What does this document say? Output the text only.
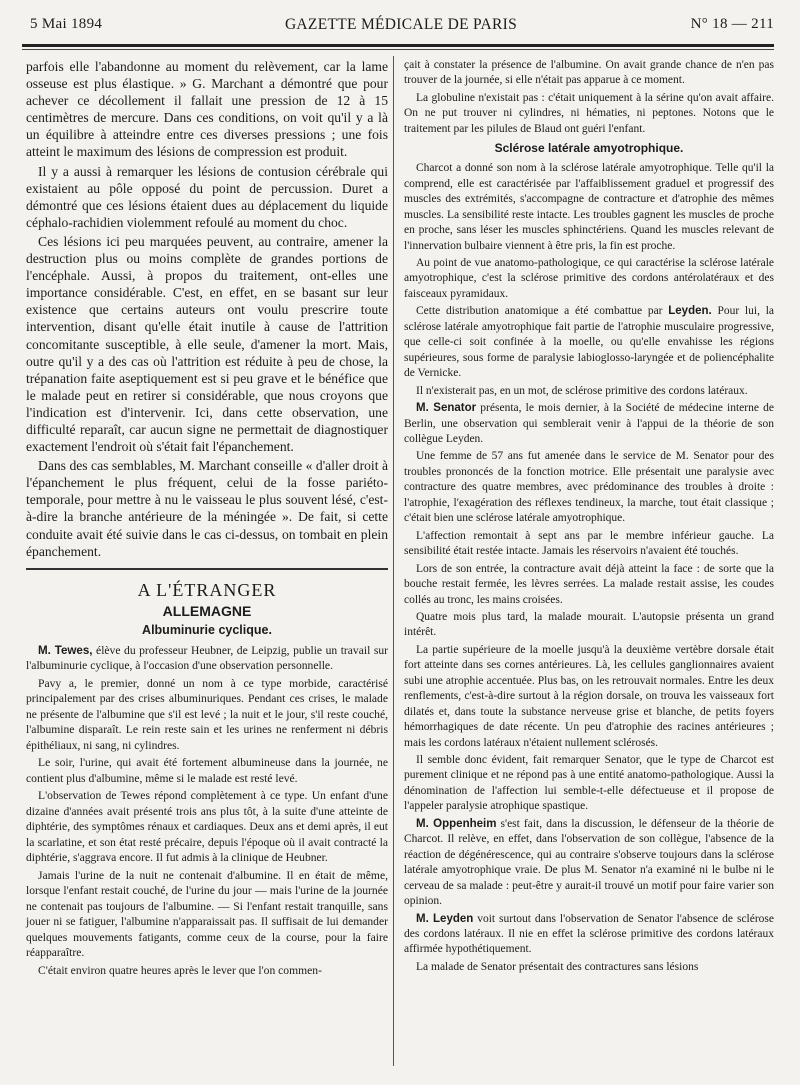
5 Mai 1894	GAZETTE MÉDICALE DE PARIS	N° 18 — 211

parfois elle l'abandonne au moment du relèvement, car la lame osseuse est plus élastique. » G. Marchant a démontré que pour achever ce décollement il fallait une pression de 12 à 15 centimètres de mercure. Dans ces conditions, on voit qu'il y a là un équilibre à atteindre entre ces diverses pressions ; une fois atteint le maximum des lésions de compression est produit.

Il y a aussi à remarquer les lésions de contusion cérébrale qui existaient au pôle opposé du point de percussion. Duret a démontré que ces lésions étaient dues au déplacement du liquide céphalo-rachidien violemment refoulé au moment du choc.

Ces lésions ici peu marquées peuvent, au contraire, amener la destruction plus ou moins complète de grandes portions de l'encéphale. Aussi, à propos du traitement, ont-elles une importance considérable. C'est, en effet, en se basant sur leur existence que certains auteurs ont voulu prescrire toute intervention, disant qu'elle était inutile à cause de l'attrition concomitante susceptible, à elle seule, d'amener la mort. Mais, outre qu'il y a des cas où l'attrition est réduite à peu de chose, la trépanation faite aseptiquement est si peu grave et le bénéfice que le malade peut en retirer si considérable, que nous croyons que l'indication est d'intervenir. Ici, dans cette observation, une difficulté reparaît, car aucun signe ne permettait de diagnostiquer exactement l'endroit où s'était fait l'épanchement.

Dans des cas semblables, M. Marchant conseille « d'aller droit à l'épanchement le plus fréquent, celui de la fosse pariéto-temporale, pour mettre à nu le vaisseau le plus souvent lésé, c'est-à-dire la branche antérieure de la méningée ». De fait, si cette conduite avait été suivie dans le cas ci-dessus, on tombait en plein épanchement.

A L'ÉTRANGER
ALLEMAGNE
Albuminurie cyclique.

M. Tewes, élève du professeur Heubner, de Leipzig, publie un travail sur l'albuminurie cyclique, à l'occasion d'une observation personnelle.

Pavy a, le premier, donné un nom à ce type morbide, caractérisé principalement par des crises albuminuriques. Pendant ces crises, le malade ne présente de l'albumine que s'il est levé ; la nuit et le jour, s'il reste couché, l'albumine disparaît. Le rein reste sain et les urines ne renferment ni débris épithéliaux, ni sang, ni cylindres.

Le soir, l'urine, qui avait été fortement albumineuse dans la journée, ne contient plus d'albumine, même si le malade est resté levé.

L'observation de Tewes répond complètement à ce type. Un enfant d'une dizaine d'années avait présenté trois ans plus tôt, à la suite d'une atteinte de diphtérie, des symptômes rénaux et cardiaques. Deux ans et demi après, il eut la scarlatine, et son état resté précaire, depuis l'époque où il avait contracté la diphtérie, s'aggrava encore. Il fut admis à la clinique de Heubner.

Jamais l'urine de la nuit ne contenait d'albumine. Il en était de même, lorsque l'enfant restait couché, de l'urine du jour — mais l'urine de la journée ne contenait pas toujours de l'albumine. — Si l'enfant restait tranquille, sans jouer ni se fatiguer, l'albumine n'apparaissait pas. Il suffisait de lui demander quelques mouvements fatigants, comme ceux de la course, pour la faire réapparaître.

C'était environ quatre heures après le lever que l'on commen-

çait à constater la présence de l'albumine. On avait grande chance de n'en pas trouver de la journée, si elle n'était pas apparue à ce moment.

La globuline n'existait pas : c'était uniquement à la sérine qu'on avait affaire. On ne put trouver ni cylindres, ni hématies, ni peptones. Notons que le traitement par les pilules de Blaud ont guéri l'enfant.

Sclérose latérale amyotrophique.

Charcot a donné son nom à la sclérose latérale amyotrophique. Telle qu'il la comprend, elle est caractérisée par l'affaiblissement graduel et progressif des muscles des extrémités, s'accompagne de contracture et d'atrophie des mêmes muscles. La sensibilité reste intacte. Les troubles gagnent les muscles de proche en proche, sans léser les muscles sphinctériens. Quand les muscles relevant de l'innervation bulbaire viennent à être pris, la fin est proche.

Au point de vue anatomo-pathologique, ce qui caractérise la sclérose latérale amyotrophique, c'est la sclérose primitive des cordons antérolatéraux et des faisceaux pyramidaux.

Cette distribution anatomique a été combattue par Leyden. Pour lui, la sclérose latérale amyotrophique fait partie de l'atrophie musculaire progressive, que celle-ci soit confinée à la moelle, ou qu'elle envahisse les régions supérieures, sous forme de paralysie labioglosso-laryngée et de poliencéphalite de Vernicke.

Il n'existerait pas, en un mot, de sclérose primitive des cordons latéraux.

M. Senator présenta, le mois dernier, à la Société de médecine interne de Berlin, une observation qui semblerait venir à l'appui de la théorie de son collègue Leyden.

Une femme de 57 ans fut amenée dans le service de M. Senator pour des troubles prononcés de la fonction motrice. Elle présentait une paralysie avec contracture des quatre membres, avec prédominance des troubles à droite : l'atrophie, l'exagération des réflexes tendineux, la marche, tout était classique ; c'était bien une sclérose latérale amyotrophique.

L'affection remontait à sept ans par le membre inférieur gauche. La sensibilité était restée intacte. Jamais les réservoirs n'avaient été touchés.

Lors de son entrée, la contracture avait déjà atteint la face : de sorte que la bouche restait fermée, les lèvres serrées. La malade restait assise, les coudes collés au tronc, les mains croisées.

Quatre mois plus tard, la malade mourait. L'autopsie présenta un grand intérêt.

La partie supérieure de la moelle jusqu'à la deuxième vertèbre dorsale était fort atteinte dans ses cornes antérieures. Là, les cellules ganglionnaires avaient subi une atrophie accentuée. Plus bas, on les retrouvait normales. Entre les deux renflements, c'est-à-dire surtout à la région dorsale, on trouva les vaisseaux fort dilatés et, dans toute la substance nerveuse grise et blanche, de petits foyers hémorrhagiques de date récente. Un peu d'atrophie des racines antérieures ; mais les cordons latéraux n'étaient nullement sclérosés.

Il semble donc évident, fait remarquer Senator, que le type de Charcot est purement clinique et ne répond pas à une entité anatomo-pathologique. Aussi la dénomination de l'affection lui semble-t-elle défectueuse et il propose de l'appeler paralysie atrophique spastique.

M. Oppenheim s'est fait, dans la discussion, le défenseur de la théorie de Charcot. Il relève, en effet, dans l'observation de son collègue, l'absence de la réaction de dégénérescence, qui au contraire s'observe toujours dans la sclérose latérale amyotrophique vraie. De plus M. Senator n'a examiné ni le bulbe ni le cerveau de sa malade : peut-être y aurait-il trouvé un motif pour faire varier son opinion.

M. Leyden voit surtout dans l'observation de Senator l'absence de sclérose des cordons latéraux. Il nie en effet la sclérose primitive des cordons latéraux affirmée hypothétiquement.

La malade de Senator présentait des contractures sans lésions
